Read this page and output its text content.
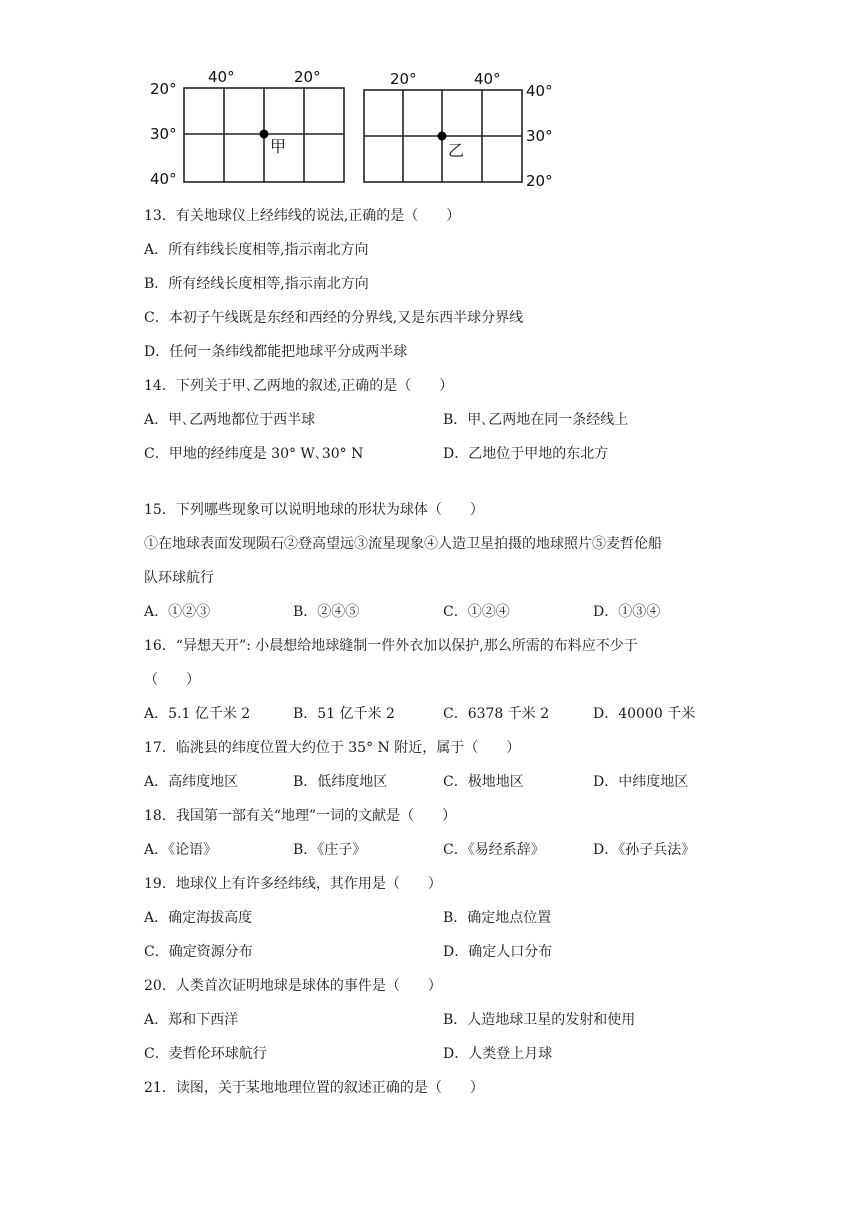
40°	20°
20°
30°
40°
甲
20°	40°
40°
30°
20°
乙
13．有关地球仪上经纬线的说法,正确的是（　　）
A．所有纬线长度相等,指示南北方向
B．所有经线长度相等,指示南北方向
C．本初子午线既是东经和西经的分界线,又是东西半球分界线
D．任何一条纬线都能把地球平分成两半球
14．下列关于甲､乙两地的叙述,正确的是（　　）
A．甲､乙两地都位于西半球	B．甲､乙两地在同一条经线上
C．甲地的经纬度是 30° W､30° N	D．乙地位于甲地的东北方
15．下列哪些现象可以说明地球的形状为球体（　　）
①在地球表面发现陨石②登高望远③流星现象④人造卫星拍摄的地球照片⑤麦哲伦船
队环球航行
A．①②③	B．②④⑤	C．①②④	D．①③④
16．“异想天开”: 小晨想给地球缝制一件外衣加以保护,那么所需的布料应不少于
（　　）
A．5.1 亿千米 2	B．51 亿千米 2	C．6378 千米 2	D．40000 千米
17．临洮县的纬度位置大约位于 35° N 附近，属于（　　）
A．高纬度地区	B．低纬度地区	C．极地地区	D．中纬度地区
18．我国第一部有关“地理”一词的文献是（　　）
A．《论语》	B．《庄子》	C．《易经系辞》	D．《孙子兵法》
19．地球仪上有许多经纬线，其作用是（　　）
A．确定海拔高度	B．确定地点位置
C．确定资源分布	D．确定人口分布
20．人类首次证明地球是球体的事件是（　　）
A．郑和下西洋	B．人造地球卫星的发射和使用
C．麦哲伦环球航行	D．人类登上月球
21．读图，关于某地地理位置的叙述正确的是（　　）
